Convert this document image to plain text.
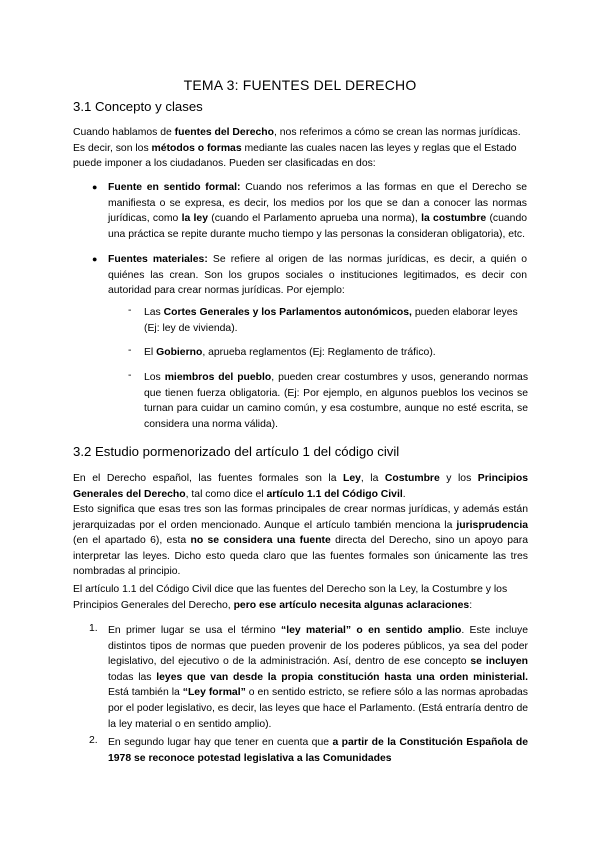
TEMA 3: FUENTES DEL DERECHO
3.1 Concepto y clases
Cuando hablamos de fuentes del Derecho, nos referimos a cómo se crean las normas jurídicas. Es decir, son los métodos o formas mediante las cuales nacen las leyes y reglas que el Estado puede imponer a los ciudadanos. Pueden ser clasificadas en dos:
● Fuente en sentido formal: Cuando nos referimos a las formas en que el Derecho se manifiesta o se expresa, es decir, los medios por los que se dan a conocer las normas jurídicas, como la ley (cuando el Parlamento aprueba una norma), la costumbre (cuando una práctica se repite durante mucho tiempo y las personas la consideran obligatoria), etc.
● Fuentes materiales: Se refiere al origen de las normas jurídicas, es decir, a quién o quiénes las crean. Son los grupos sociales o instituciones legitimados, es decir con autoridad para crear normas jurídicas. Por ejemplo:
- Las Cortes Generales y los Parlamentos autonómicos, pueden elaborar leyes (Ej: ley de vivienda).
- El Gobierno, aprueba reglamentos (Ej: Reglamento de tráfico).
- Los miembros del pueblo, pueden crear costumbres y usos, generando normas que tienen fuerza obligatoria. (Ej: Por ejemplo, en algunos pueblos los vecinos se turnan para cuidar un camino común, y esa costumbre, aunque no esté escrita, se considera una norma válida).
3.2 Estudio pormenorizado del artículo 1 del código civil
En el Derecho español, las fuentes formales son la Ley, la Costumbre y los Principios Generales del Derecho, tal como dice el artículo 1.1 del Código Civil.
Esto significa que esas tres son las formas principales de crear normas jurídicas, y además están jerarquizadas por el orden mencionado. Aunque el artículo también menciona la jurisprudencia (en el apartado 6), esta no se considera una fuente directa del Derecho, sino un apoyo para interpretar las leyes. Dicho esto queda claro que las fuentes formales son únicamente las tres nombradas al principio.
El artículo 1.1 del Código Civil dice que las fuentes del Derecho son la Ley, la Costumbre y los Principios Generales del Derecho, pero ese artículo necesita algunas aclaraciones:
1. En primer lugar se usa el término “ley material” o en sentido amplio. Este incluye distintos tipos de normas que pueden provenir de los poderes públicos, ya sea del poder legislativo, del ejecutivo o de la administración. Así, dentro de ese concepto se incluyen todas las leyes que van desde la propia constitución hasta una orden ministerial. Está también la “Ley formal” o en sentido estricto, se refiere sólo a las normas aprobadas por el poder legislativo, es decir, las leyes que hace el Parlamento. (Está entraría dentro de la ley material o en sentido amplio).
2. En segundo lugar hay que tener en cuenta que a partir de la Constitución Española de 1978 se reconoce potestad legislativa a las Comunidades
